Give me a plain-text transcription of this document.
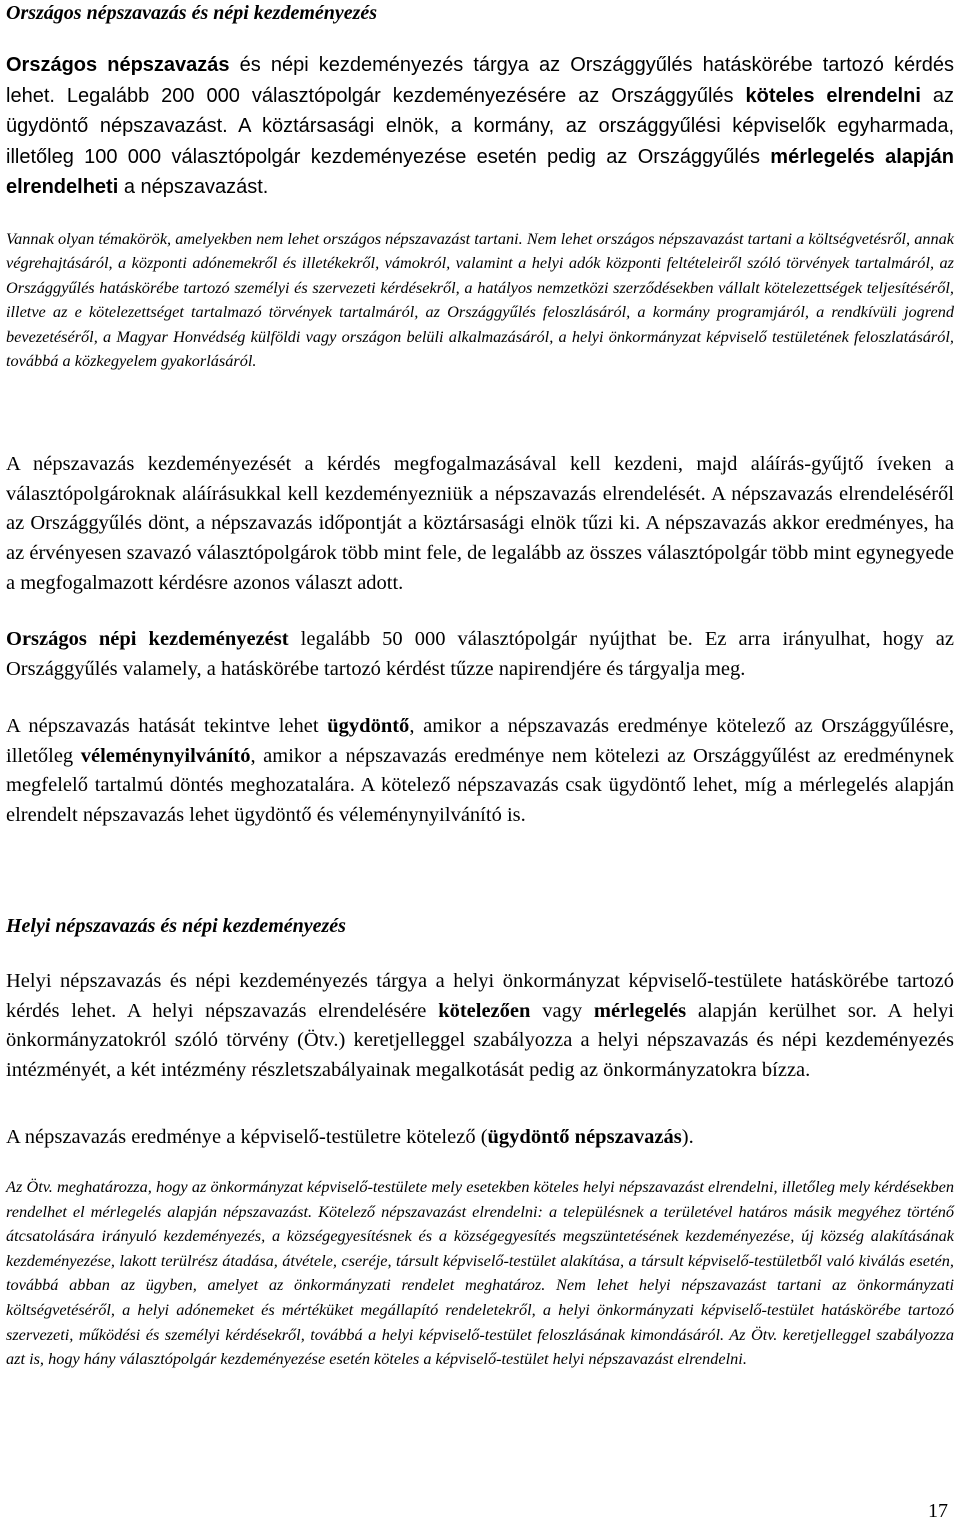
Országos népszavazás és népi kezdeményezés

Országos népszavazás és népi kezdeményezés tárgya az Országgyűlés hatáskörébe tartozó kérdés lehet. Legalább 200 000 választópolgár kezdeményezésére az Országgyűlés köteles elrendelni az ügydöntő népszavazást. A köztársasági elnök, a kormány, az országgyűlési képviselők egyharmada, illetőleg 100 000 választópolgár kezdeményezése esetén pedig az Országgyűlés mérlegelés alapján elrendelheti a népszavazást.

Vannak olyan témakörök, amelyekben nem lehet országos népszavazást tartani. Nem lehet országos népszavazást tartani a költségvetésről, annak végrehajtásáról, a központi adónemekről és illetékekről, vámokról, valamint a helyi adók központi feltételeiről szóló törvények tartalmáról, az Országgyűlés hatáskörébe tartozó személyi és szervezeti kérdésekről, a hatályos nemzetközi szerződésekben vállalt kötelezettségek teljesítéséről, illetve az e kötelezettséget tartalmazó törvények tartalmáról, az Országgyűlés feloszlásáról, a kormány programjáról, a rendkívüli jogrend bevezetéséről, a Magyar Honvédség külföldi vagy országon belüli alkalmazásáról, a helyi önkormányzat képviselő testületének feloszlatásáról, továbbá a közkegyelem gyakorlásáról.

A népszavazás kezdeményezését a kérdés megfogalmazásával kell kezdeni, majd aláírás-gyűjtő íveken a választópolgároknak aláírásukkal kell kezdeményezniük a népszavazás elrendelését. A népszavazás elrendeléséről az Országgyűlés dönt, a népszavazás időpontját a köztársasági elnök tűzi ki. A népszavazás akkor eredményes, ha az érvényesen szavazó választópolgárok több mint fele, de legalább az összes választópolgár több mint egynegyede a megfogalmazott kérdésre azonos választ adott.

Országos népi kezdeményezést legalább 50 000 választópolgár nyújthat be. Ez arra irányulhat, hogy az Országgyűlés valamely, a hatáskörébe tartozó kérdést tűzze napirendjére és tárgyalja meg.

A népszavazás hatását tekintve lehet ügydöntő, amikor a népszavazás eredménye kötelező az Országgyűlésre, illetőleg véleménynyilvánító, amikor a népszavazás eredménye nem kötelezi az Országgyűlést az eredménynek megfelelő tartalmú döntés meghozatalára. A kötelező népszavazás csak ügydöntő lehet, míg a mérlegelés alapján elrendelt népszavazás lehet ügydöntő és véleménynyilvánító is.

Helyi népszavazás és népi kezdeményezés

Helyi népszavazás és népi kezdeményezés tárgya a helyi önkormányzat képviselő-testülete hatáskörébe tartozó kérdés lehet. A helyi népszavazás elrendelésére kötelezően vagy mérlegelés alapján kerülhet sor. A helyi önkormányzatokról szóló törvény (Ötv.) keretjelleggel szabályozza a helyi népszavazás és népi kezdeményezés intézményét, a két intézmény részletszabályainak megalkotását pedig az önkormányzatokra bízza.

A népszavazás eredménye a képviselő-testületre kötelező (ügydöntő népszavazás).

Az Ötv. meghatározza, hogy az önkormányzat képviselő-testülete mely esetekben köteles helyi népszavazást elrendelni, illetőleg mely kérdésekben rendelhet el mérlegelés alapján népszavazást. Kötelező népszavazást elrendelni: a településnek a területével határos másik megyéhez történő átcsatolására irányuló kezdeményezés, a községegyesítésnek és a községegyesítés megszüntetésének kezdeményezése, új község alakításának kezdeményezése, lakott terülrész átadása, átvétele, cseréje, társult képviselő-testület alakítása, a társult képviselő-testületből való kiválás esetén, továbbá abban az ügyben, amelyet az önkormányzati rendelet meghatároz. Nem lehet helyi népszavazást tartani az önkormányzati költségvetéséről, a helyi adónemeket és mértéküket megállapító rendeletekről, a helyi önkormányzati képviselő-testület hatáskörébe tartozó szervezeti, működési és személyi kérdésekről, továbbá a helyi képviselő-testület feloszlásának kimondásáról. Az Ötv. keretjelleggel szabályozza azt is, hogy hány választópolgár kezdeményezése esetén köteles a képviselő-testület helyi népszavazást elrendelni.

17
